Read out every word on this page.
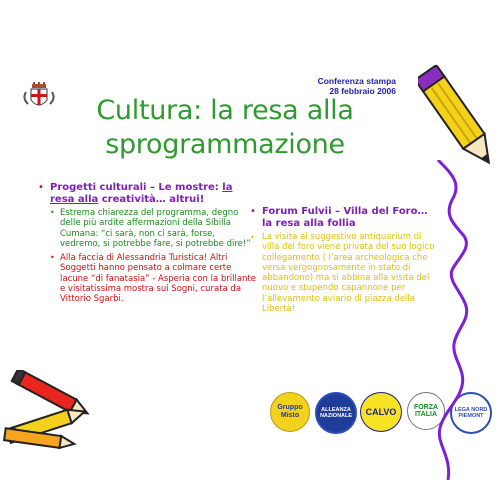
Conferenza stampa
28 febbraio 2006
Cultura: la resa alla
sprogrammazione
• Progetti culturali – Le mostre: la resa alla creatività… altrui!

• Estrema chiarezza del programma, degno delle più ardite affermazioni della Sibilla Cumana: “ci sarà, non ci sarà, forse, vedremo, si potrebbe fare, si potrebbe dire!”

• Alla faccia di Alessandria Turistica! Altri Soggetti hanno pensato a colmare certe lacune “di fanatasia” - Asperia con la brillante e visitatissima mostra sui Sogni, curata da Vittorio Sgarbi.

• Forum Fulvii – Villa del Foro… la resa alla follia

• La visita al suggestivo antiquarium di villa del foro viene privata del suo logico collegamento ( l’area archeologica che versa vergognosamente in stato di abbandono) ma si abbina alla visita del nuovo e stupendo capannone per l’allevamento aviario di piazza della Libertà!

Gruppo Misto
ALLEANZA NAZIONALE	CALVO	FORZA ITALIA
LEGA NORD PIEMONT
